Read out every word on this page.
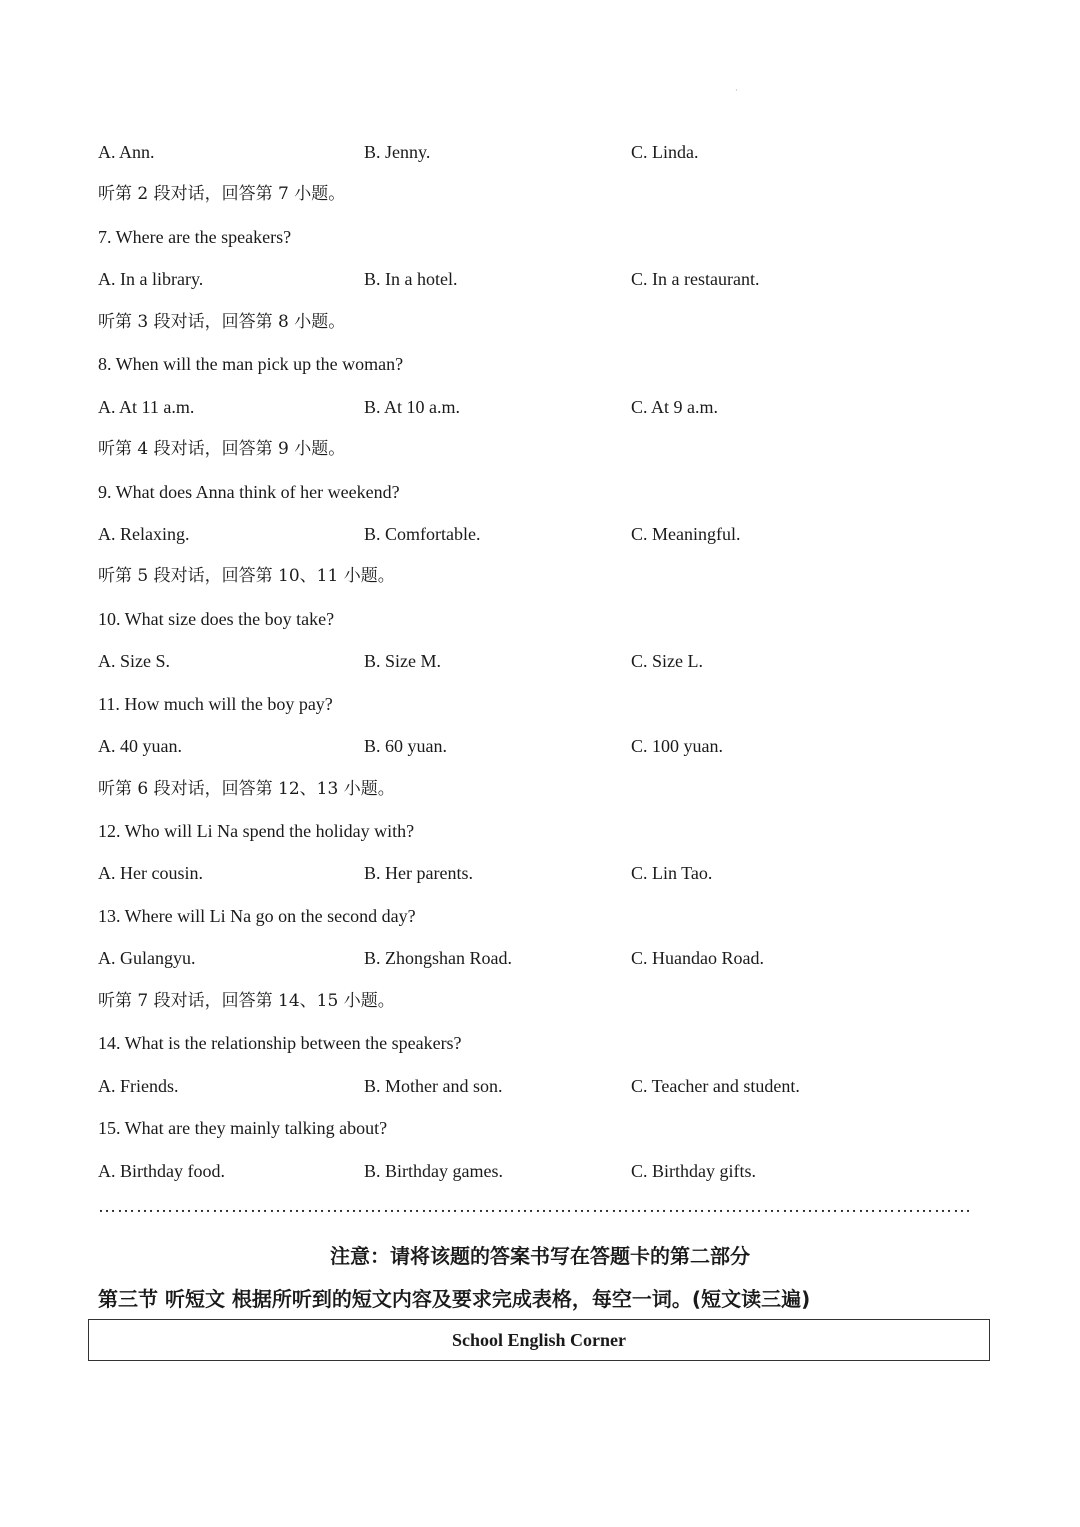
·
A. Ann.	B. Jenny.	C. Linda.
听第 2 段对话，回答第 7 小题。
7. Where are the speakers?
A. In a library.	B. In a hotel.	C. In a restaurant.
听第 3 段对话，回答第 8 小题。
8. When will the man pick up the woman?
A. At 11 a.m.	B. At 10 a.m.	C. At 9 a.m.
听第 4 段对话，回答第 9 小题。
9. What does Anna think of her weekend?
A. Relaxing.	B. Comfortable.	C. Meaningful.
听第 5 段对话，回答第 10、11 小题。
10. What size does the boy take?
A. Size S.	B. Size M.	C. Size L.
11. How much will the boy pay?
A. 40 yuan.	B. 60 yuan.	C. 100 yuan.
听第 6 段对话，回答第 12、13 小题。
12. Who will Li Na spend the holiday with?
A. Her cousin.	B. Her parents.	C. Lin Tao.
13. Where will Li Na go on the second day?
A. Gulangyu.	B. Zhongshan Road.	C. Huandao Road.
听第 7 段对话，回答第 14、15 小题。
14. What is the relationship between the speakers?
A. Friends.	B. Mother and son.	C. Teacher and student.
15. What are they mainly talking about?
A. Birthday food.	B. Birthday games.	C. Birthday gifts.
…………………………………………………………………………………………………………………………
注意：请将该题的答案书写在答题卡的第二部分
第三节 听短文 根据所听到的短文内容及要求完成表格，每空一词。(短文读三遍)
School English Corner
